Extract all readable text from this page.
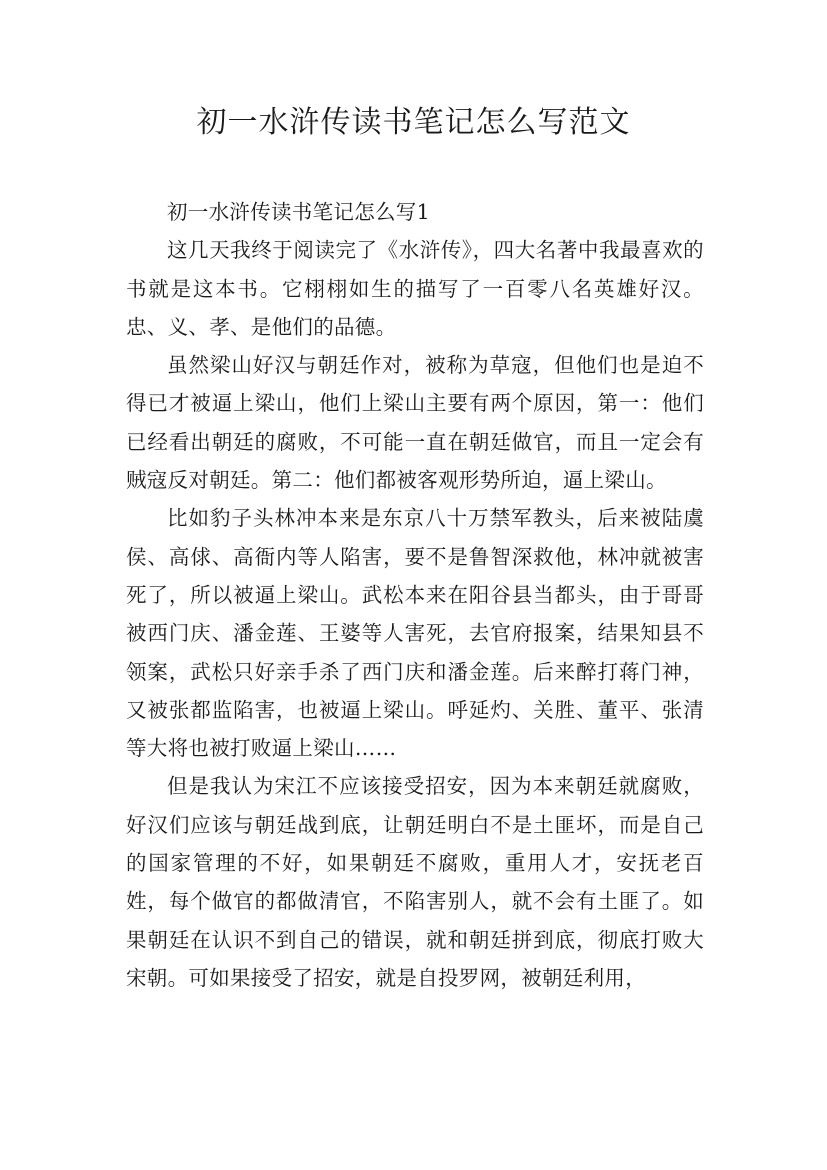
初一水浒传读书笔记怎么写范文

初一水浒传读书笔记怎么写1

这几天我终于阅读完了《水浒传》，四大名著中我最喜欢的书就是这本书。它栩栩如生的描写了一百零八名英雄好汉。忠、义、孝、是他们的品德。

虽然梁山好汉与朝廷作对，被称为草寇，但他们也是迫不得已才被逼上梁山，他们上梁山主要有两个原因，第一：他们已经看出朝廷的腐败，不可能一直在朝廷做官，而且一定会有贼寇反对朝廷。第二：他们都被客观形势所迫，逼上梁山。

比如豹子头林冲本来是东京八十万禁军教头，后来被陆虞侯、高俅、高衙内等人陷害，要不是鲁智深救他，林冲就被害死了，所以被逼上梁山。武松本来在阳谷县当都头，由于哥哥被西门庆、潘金莲、王婆等人害死，去官府报案，结果知县不领案，武松只好亲手杀了西门庆和潘金莲。后来醉打蒋门神，又被张都监陷害，也被逼上梁山。呼延灼、关胜、董平、张清等大将也被打败逼上梁山……

但是我认为宋江不应该接受招安，因为本来朝廷就腐败，好汉们应该与朝廷战到底，让朝廷明白不是土匪坏，而是自己的国家管理的不好，如果朝廷不腐败，重用人才，安抚老百姓，每个做官的都做清官，不陷害别人，就不会有土匪了。如果朝廷在认识不到自己的错误，就和朝廷拼到底，彻底打败大宋朝。可如果接受了招安，就是自投罗网，被朝廷利用，
